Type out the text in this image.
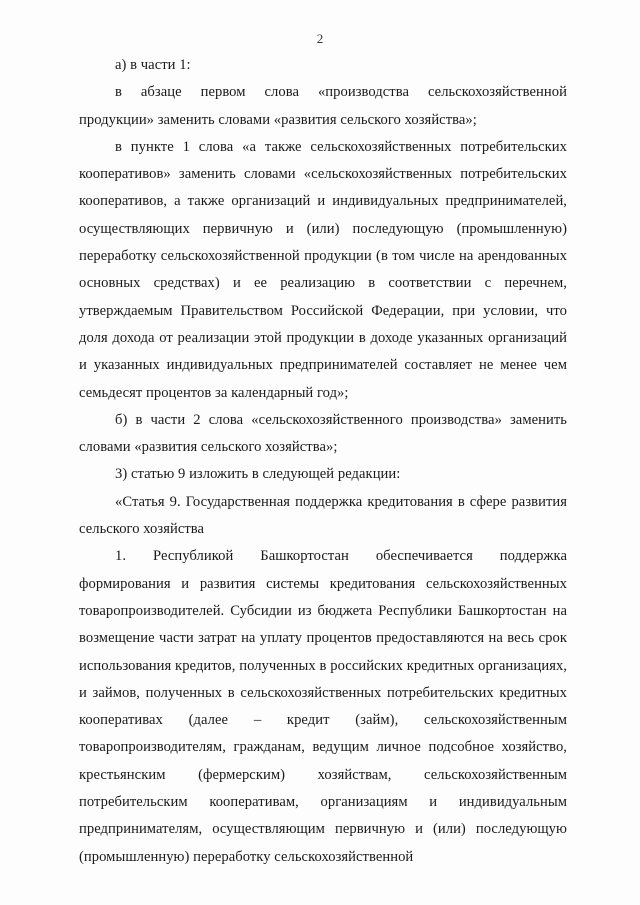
2

а) в части 1:

в абзаце первом слова «производства сельскохозяйственной продукции» заменить словами «развития сельского хозяйства»;

в пункте 1 слова «а также сельскохозяйственных потребительских кооперативов» заменить словами «сельскохозяйственных потребительских кооперативов, а также организаций и индивидуальных предпринимателей, осуществляющих первичную и (или) последующую (промышленную) переработку сельскохозяйственной продукции (в том числе на арендованных основных средствах) и ее реализацию в соответствии с перечнем, утверждаемым Правительством Российской Федерации, при условии, что доля дохода от реализации этой продукции в доходе указанных организаций и указанных индивидуальных предпринимателей составляет не менее чем семьдесят процентов за календарный год»;

б) в части 2 слова «сельскохозяйственного производства» заменить словами «развития сельского хозяйства»;

3) статью 9 изложить в следующей редакции:

«Статья 9. Государственная поддержка кредитования в сфере развития сельского хозяйства

1. Республикой Башкортостан обеспечивается поддержка формирования и развития системы кредитования сельскохозяйственных товаропроизводителей. Субсидии из бюджета Республики Башкортостан на возмещение части затрат на уплату процентов предоставляются на весь срок использования кредитов, полученных в российских кредитных организациях, и займов, полученных в сельскохозяйственных потребительских кредитных кооперативах (далее – кредит (займ), сельскохозяйственным товаропроизводителям, гражданам, ведущим личное подсобное хозяйство, крестьянским (фермерским) хозяйствам, сельскохозяйственным потребительским кооперативам, организациям и индивидуальным предпринимателям, осуществляющим первичную и (или) последующую (промышленную) переработку сельскохозяйственной
